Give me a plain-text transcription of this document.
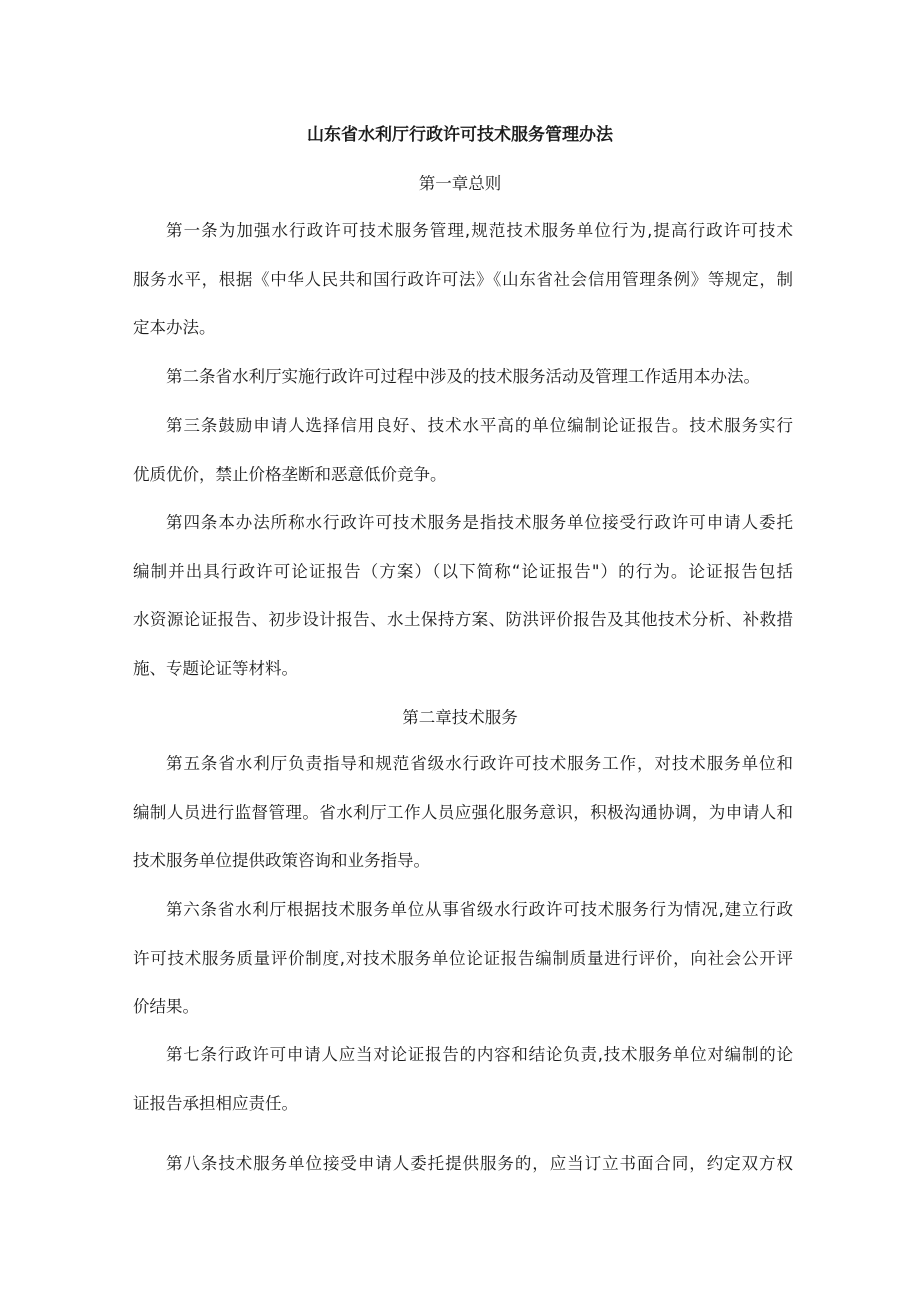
山东省水利厅行政许可技术服务管理办法
第一章总则
第一条为加强水行政许可技术服务管理,规范技术服务单位行为,提高行政许可技术
服务水平，根据《中华人民共和国行政许可法》《山东省社会信用管理条例》等规定，制
定本办法。
第二条省水利厅实施行政许可过程中涉及的技术服务活动及管理工作适用本办法。
第三条鼓励申请人选择信用良好、技术水平高的单位编制论证报告。技术服务实行
优质优价，禁止价格垄断和恶意低价竞争。
第四条本办法所称水行政许可技术服务是指技术服务单位接受行政许可申请人委托
编制并出具行政许可论证报告（方案）（以下简称“论证报告"）的行为。论证报告包括
水资源论证报告、初步设计报告、水土保持方案、防洪评价报告及其他技术分析、补救措
施、专题论证等材料。
第二章技术服务
第五条省水利厅负责指导和规范省级水行政许可技术服务工作，对技术服务单位和
编制人员进行监督管理。省水利厅工作人员应强化服务意识，积极沟通协调，为申请人和
技术服务单位提供政策咨询和业务指导。
第六条省水利厅根据技术服务单位从事省级水行政许可技术服务行为情况,建立行政
许可技术服务质量评价制度,对技术服务单位论证报告编制质量进行评价，向社会公开评
价结果。
第七条行政许可申请人应当对论证报告的内容和结论负责,技术服务单位对编制的论
证报告承担相应责任。
第八条技术服务单位接受申请人委托提供服务的，应当订立书面合同，约定双方权
